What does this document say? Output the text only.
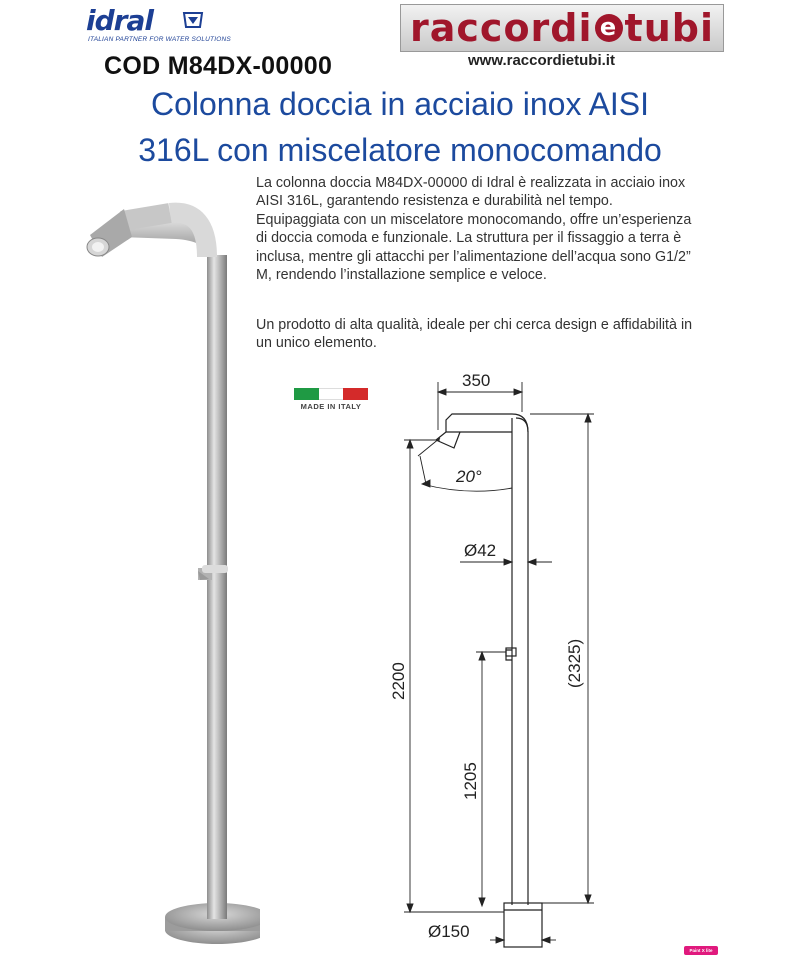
idral
ITALIAN PARTNER FOR WATER SOLUTIONS	raccordi e tubi
www.raccordietubi.it
COD M84DX-00000
Colonna doccia in acciaio inox AISI
316L con miscelatore monocomando
La colonna doccia M84DX-00000 di Idral è realizzata in acciaio inox AISI 316L, garantendo resistenza e durabilità nel tempo. Equipaggiata con un miscelatore monocomando, offre un’esperienza di doccia comoda e funzionale. La struttura per il fissaggio a terra è inclusa, mentre gli attacchi per l’alimentazione dell’acqua sono G1/2” M, rendendo l’installazione semplice e veloce.
Un prodotto di alta qualità, ideale per chi cerca design e affidabilità in un unico elemento.
MADE IN ITALY
350
20°
Ø42
2200
1205
(2325)
Ø150
Paint X lite
